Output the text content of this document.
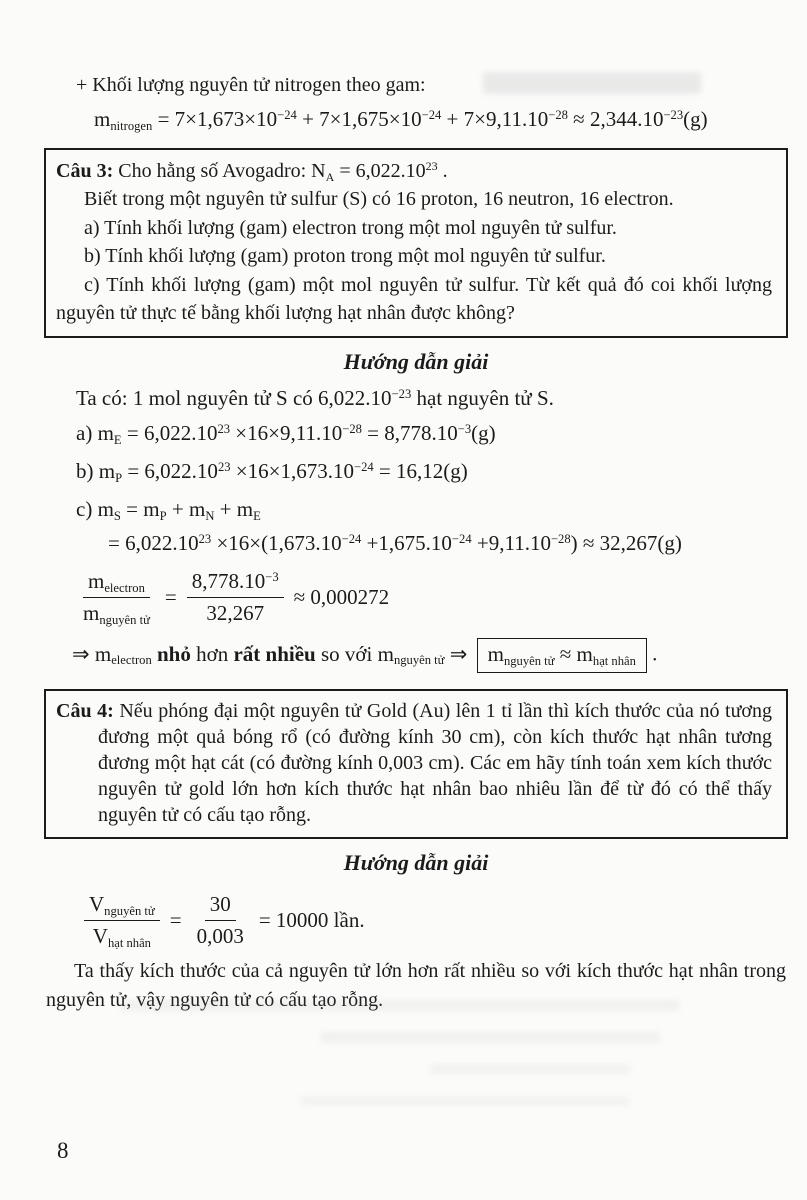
+ Khối lượng nguyên tử nitrogen theo gam:

$m_{nitrogen} = 7\times 1,673\times 10^{-24} + 7\times 1,675\times 10^{-24} + 7\times 9,11.10^{-28} \approx 2,344.10^{-23}(g)$

Câu 3: Cho hằng số Avogadro: $N_A = 6,022.10^{23}$ .

Biết trong một nguyên tử sulfur (S) có 16 proton, 16 neutron, 16 electron.

a) Tính khối lượng (gam) electron trong một mol nguyên tử sulfur.

b) Tính khối lượng (gam) proton trong một mol nguyên tử sulfur.

c) Tính khối lượng (gam) một mol nguyên tử sulfur. Từ kết quả đó coi khối lượng nguyên tử thực tế bằng khối lượng hạt nhân được không?

Hướng dẫn giải

Ta có: 1 mol nguyên tử S có $6,022.10^{-23}$ hạt nguyên tử S.

a) $m_E = 6,022.10^{23} \times 16\times 9,11.10^{-28} = 8,778.10^{-3}(g)$

b) $m_P = 6,022.10^{23} \times 16\times 1,673.10^{-24} = 16,12(g)$

c) $m_S = m_P + m_N + m_E$

= $6,022.10^{23} \times 16\times(1,673.10^{-24} +1,675.10^{-24} +9,11.10^{-28}) \approx 32,267(g)$

$\frac{m_{electron}}{m_{nguyên tử}} = \frac{8,778.10^{-3}}{32,267} \approx 0,000272$

⇒ $m_{electron}$ nhỏ hơn rất nhiều so với $m_{nguyên tử}$ ⇒ $m_{nguyên tử} \approx m_{hạt nhân}$ .

Câu 4: Nếu phóng đại một nguyên tử Gold (Au) lên 1 tỉ lần thì kích thước của nó tương đương một quả bóng rổ (có đường kính 30 cm), còn kích thước hạt nhân tương đương một hạt cát (có đường kính 0,003 cm). Các em hãy tính toán xem kích thước nguyên tử gold lớn hơn kích thước hạt nhân bao nhiêu lần để từ đó có thể thấy nguyên tử có cấu tạo rỗng.

Hướng dẫn giải
$\frac{V_{nguyên tử}}{V_{hạt nhân}} = \frac{30}{0,003} = 10000$ lần.

Ta thấy kích thước của cả nguyên tử lớn hơn rất nhiều so với kích thước hạt nhân trong nguyên tử, vậy nguyên tử có cấu tạo rỗng.

8
